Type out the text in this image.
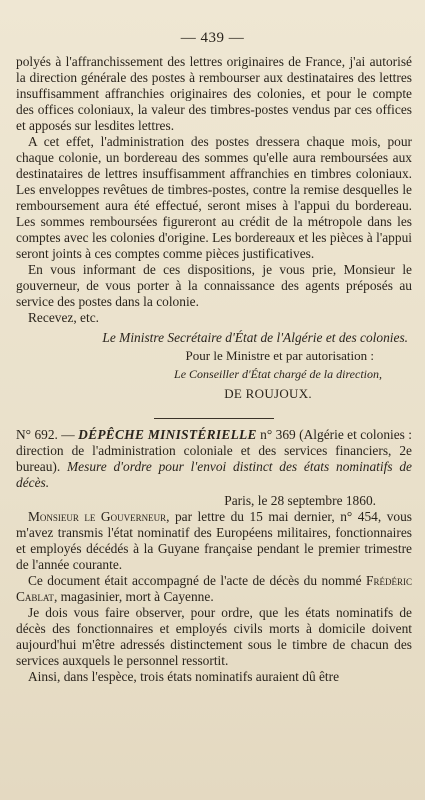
— 439 —

polyés à l'affranchissement des lettres originaires de France, j'ai autorisé la direction générale des postes à rembourser aux destinataires des lettres insuffisamment affranchies originaires des colonies, et pour le compte des offices coloniaux, la valeur des timbres-postes vendus par ces offices et apposés sur lesdites lettres.

A cet effet, l'administration des postes dressera chaque mois, pour chaque colonie, un bordereau des sommes qu'elle aura remboursées aux destinataires de lettres insuffisamment affranchies en timbres coloniaux. Les enveloppes revêtues de timbres-postes, contre la remise desquelles le remboursement aura été effectué, seront mises à l'appui du bordereau. Les sommes remboursées figureront au crédit de la métropole dans les comptes avec les colonies d'origine. Les bordereaux et les pièces à l'appui seront joints à ces comptes comme pièces justificatives.

En vous informant de ces dispositions, je vous prie, Monsieur le gouverneur, de vous porter à la connaissance des agents préposés au service des postes dans la colonie.

Recevez, etc.

Le Ministre Secrétaire d'État de l'Algérie et des colonies.
Pour le Ministre et par autorisation :
Le Conseiller d'État chargé de la direction,
DE ROUJOUX.

N° 692. — DÉPÊCHE MINISTÉRIELLE n° 369 (Algérie et colonies : direction de l'administration coloniale et des services financiers, 2e bureau). Mesure d'ordre pour l'envoi distinct des états nominatifs de décès.

Paris, le 28 septembre 1860.

Monsieur le Gouverneur, par lettre du 15 mai dernier, n° 454, vous m'avez transmis l'état nominatif des Européens militaires, fonctionnaires et employés décédés à la Guyane française pendant le premier trimestre de l'année courante.

Ce document était accompagné de l'acte de décès du nommé Frédéric Cablat, magasinier, mort à Cayenne.

Je dois vous faire observer, pour ordre, que les états nominatifs de décès des fonctionnaires et employés civils morts à domicile doivent aujourd'hui m'être adressés distinctement sous le timbre de chacun des services auxquels le personnel ressortit.

Ainsi, dans l'espèce, trois états nominatifs auraient dû être
